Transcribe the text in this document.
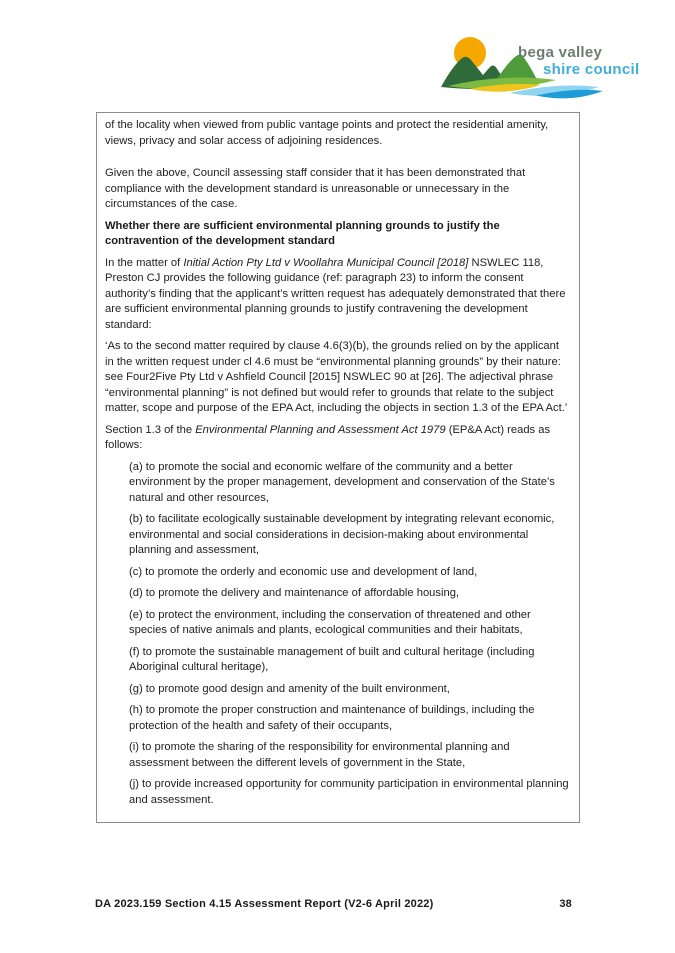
bega valley
shire council

of the locality when viewed from public vantage points and protect the residential amenity, views, privacy and solar access of adjoining residences.

Given the above, Council assessing staff consider that it has been demonstrated that compliance with the development standard is unreasonable or unnecessary in the circumstances of the case.

Whether there are sufficient environmental planning grounds to justify the contravention of the development standard

In the matter of Initial Action Pty Ltd v Woollahra Municipal Council [2018] NSWLEC 118, Preston CJ provides the following guidance (ref: paragraph 23) to inform the consent authority’s finding that the applicant’s written request has adequately demonstrated that there are sufficient environmental planning grounds to justify contravening the development standard:

‘As to the second matter required by clause 4.6(3)(b), the grounds relied on by the applicant in the written request under cl 4.6 must be “environmental planning grounds” by their nature: see Four2Five Pty Ltd v Ashfield Council [2015] NSWLEC 90 at [26]. The adjectival phrase “environmental planning” is not defined but would refer to grounds that relate to the subject matter, scope and purpose of the EPA Act, including the objects in section 1.3 of the EPA Act.’

Section 1.3 of the Environmental Planning and Assessment Act 1979 (EP&A Act) reads as follows:

(a) to promote the social and economic welfare of the community and a better environment by the proper management, development and conservation of the State’s natural and other resources,

(b) to facilitate ecologically sustainable development by integrating relevant economic, environmental and social considerations in decision-making about environmental planning and assessment,

(c) to promote the orderly and economic use and development of land,

(d) to promote the delivery and maintenance of affordable housing,

(e) to protect the environment, including the conservation of threatened and other species of native animals and plants, ecological communities and their habitats,

(f) to promote the sustainable management of built and cultural heritage (including Aboriginal cultural heritage),

(g) to promote good design and amenity of the built environment,

(h) to promote the proper construction and maintenance of buildings, including the protection of the health and safety of their occupants,

(i) to promote the sharing of the responsibility for environmental planning and assessment between the different levels of government in the State,

(j) to provide increased opportunity for community participation in environmental planning and assessment.

DA 2023.159 Section 4.15 Assessment Report (V2-6 April 2022)	38
